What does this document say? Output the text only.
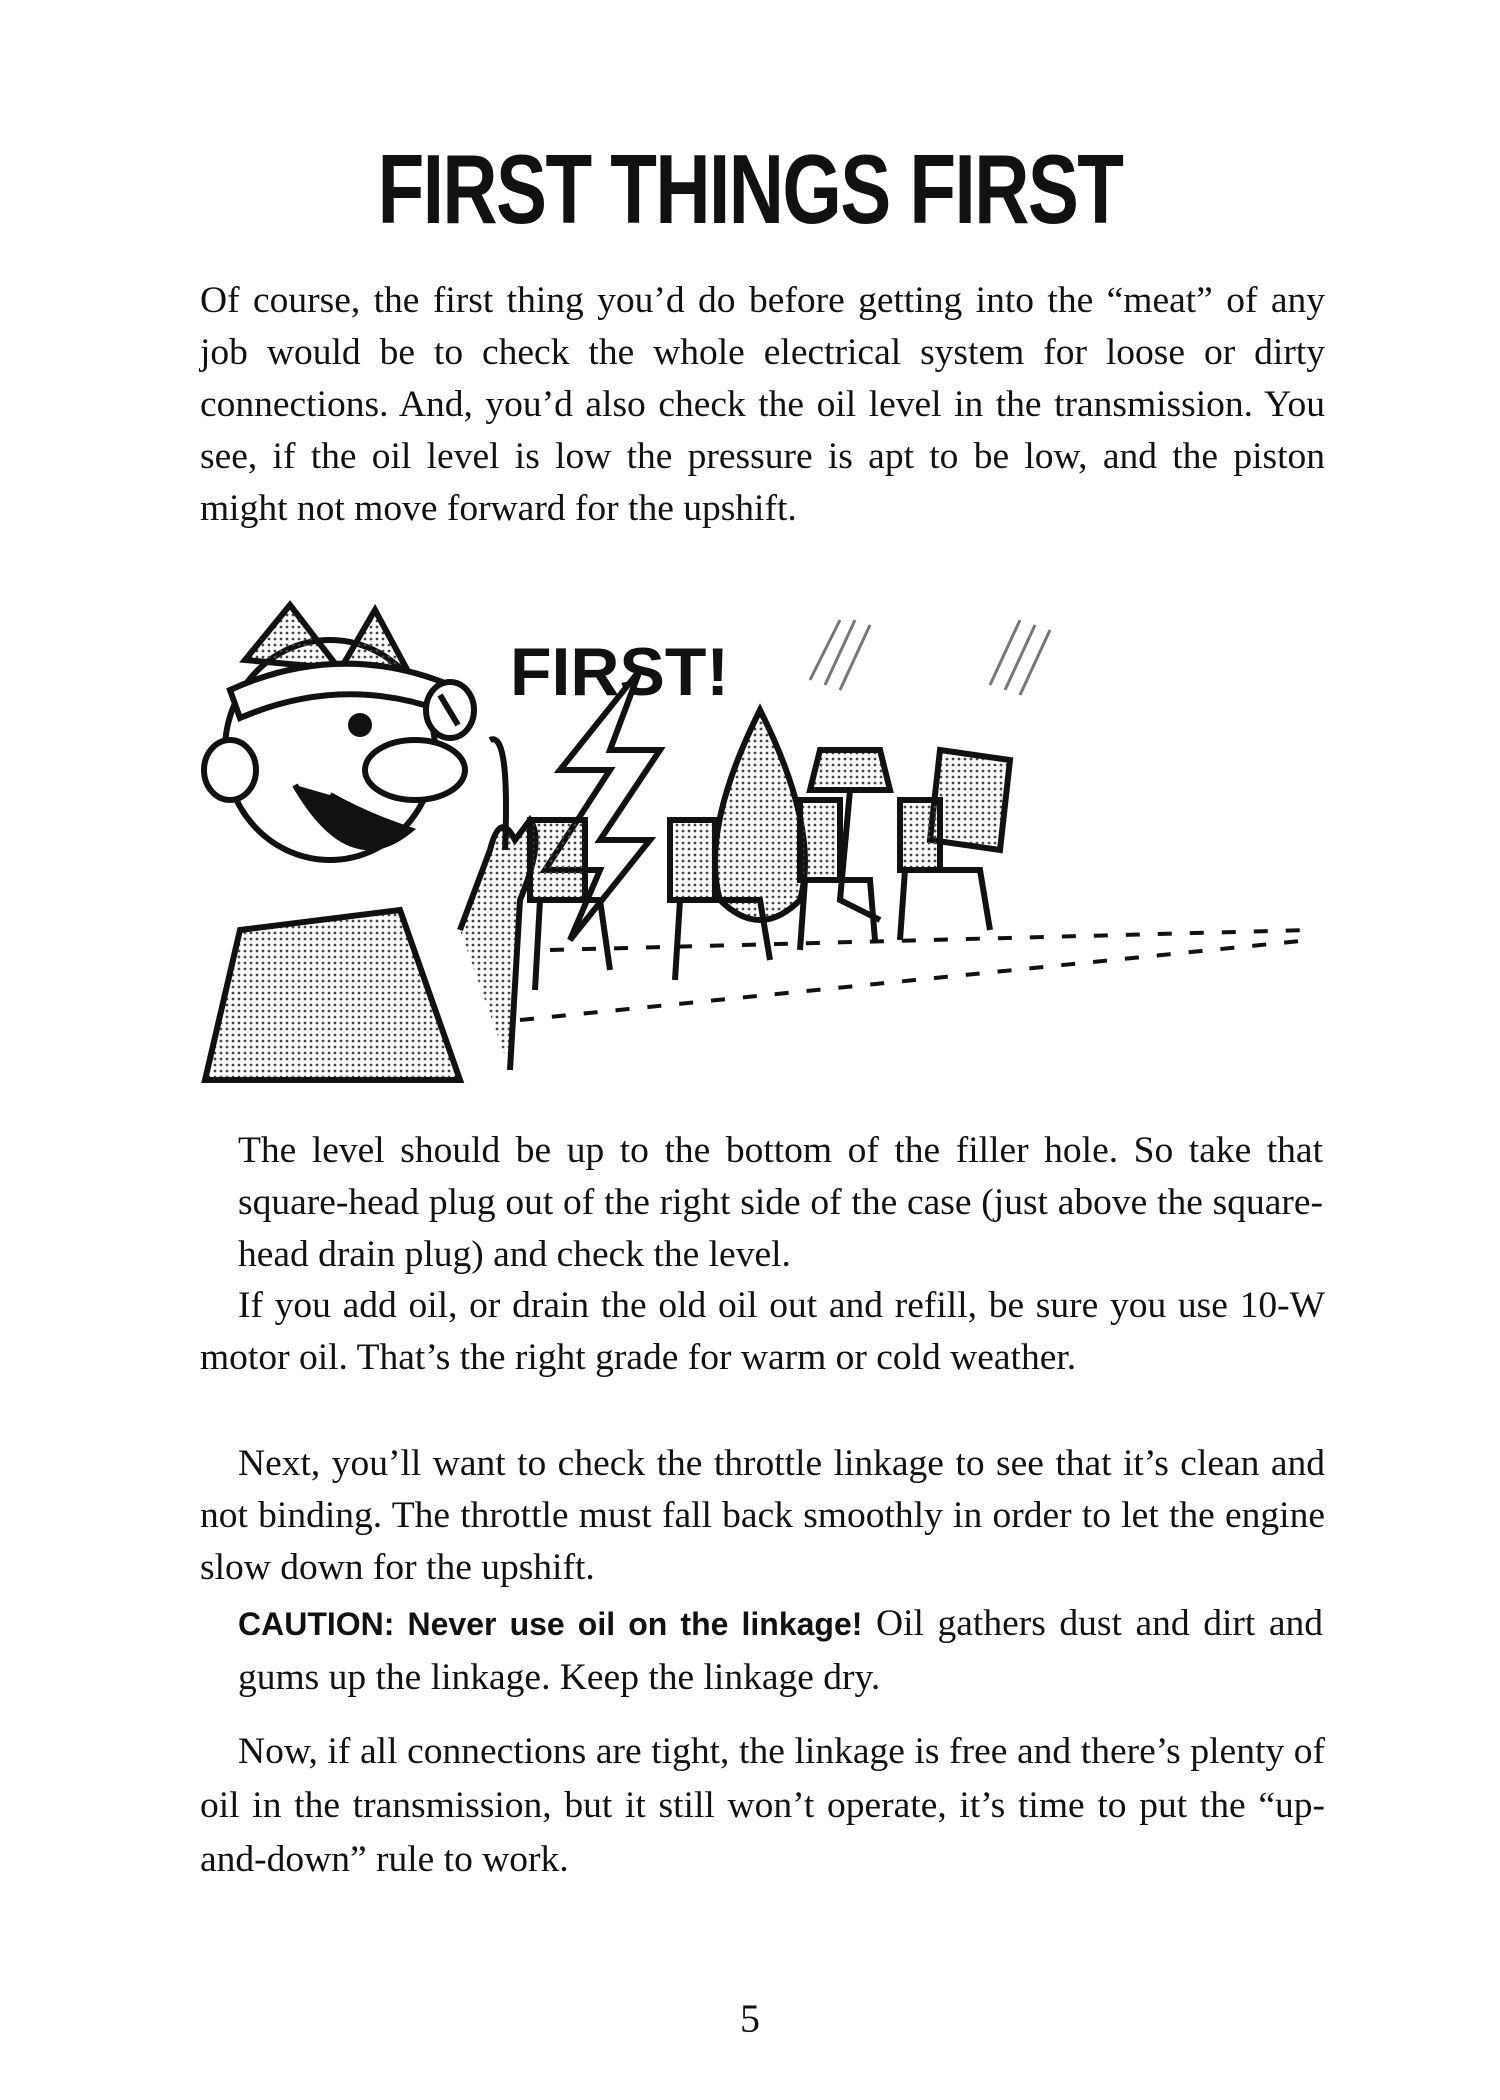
FIRST THINGS FIRST

Of course, the first thing you’d do before getting into the “meat” of any job would be to check the whole electrical system for loose or dirty connections. And, you’d also check the oil level in the transmission. You see, if the oil level is low the pressure is apt to be low, and the piston might not move forward for the upshift.

FIRST!

The level should be up to the bottom of the filler hole. So take that square-head plug out of the right side of the case (just above the square-head drain plug) and check the level.

If you add oil, or drain the old oil out and refill, be sure you use 10-W motor oil. That’s the right grade for warm or cold weather.

Next, you’ll want to check the throttle linkage to see that it’s clean and not binding. The throttle must fall back smoothly in order to let the engine slow down for the upshift.

CAUTION: Never use oil on the linkage! Oil gathers dust and dirt and gums up the linkage. Keep the linkage dry.

Now, if all connections are tight, the linkage is free and there’s plenty of oil in the transmission, but it still won’t operate, it’s time to put the “up-and-down” rule to work.

5
